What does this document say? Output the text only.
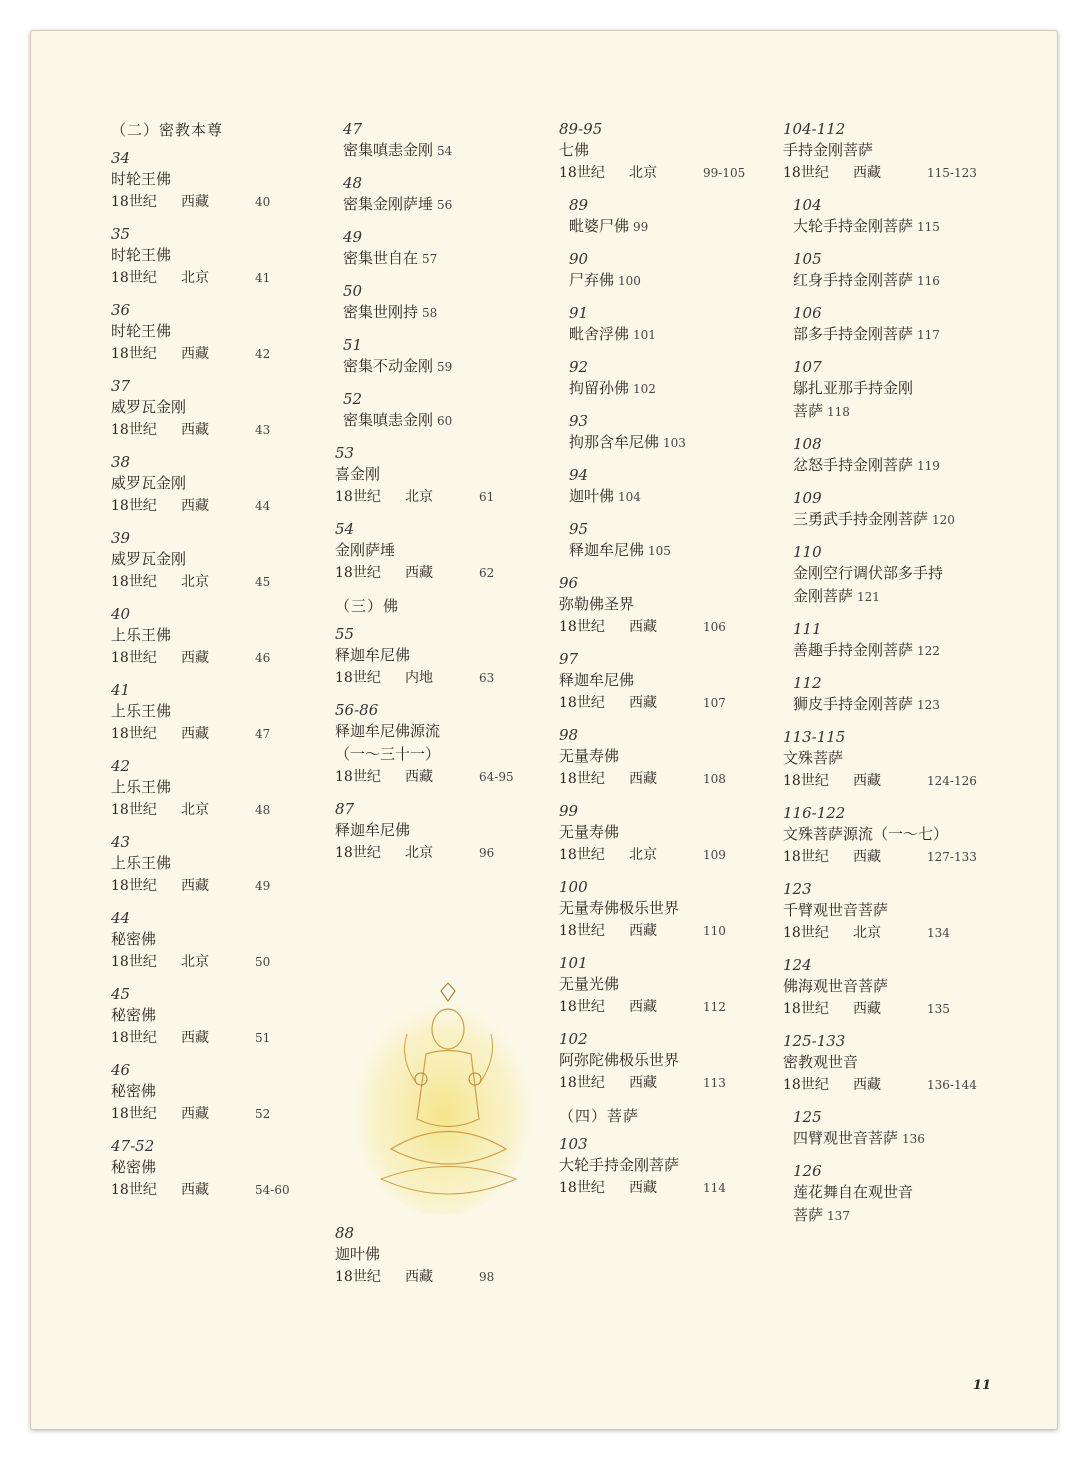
（二）密教本尊
34
时轮王佛
18世纪	西藏	40
35
时轮王佛
18世纪	北京	41
36
时轮王佛
18世纪	西藏	42
37
威罗瓦金刚
18世纪	西藏	43
38
威罗瓦金刚
18世纪	西藏	44
39
威罗瓦金刚
18世纪	北京	45
40
上乐王佛
18世纪	西藏	46
41
上乐王佛
18世纪	西藏	47
42
上乐王佛
18世纪	北京	48
43
上乐王佛
18世纪	西藏	49
44
秘密佛
18世纪	北京	50
45
秘密佛
18世纪	西藏	51
46
秘密佛
18世纪	西藏	52
47-52
秘密佛
18世纪	西藏	54-60
47
密集嗔恚金刚 54
48
密集金刚萨埵 56
49
密集世自在 57
50
密集世刚持 58
51
密集不动金刚 59
52
密集嗔恚金刚 60
53
喜金刚
18世纪	北京	61
54
金刚萨埵
18世纪	西藏	62
（三）佛
55
释迦牟尼佛
18世纪	内地	63
56-86
释迦牟尼佛源流
（一～三十一）
18世纪	西藏	64-95
87
释迦牟尼佛
18世纪	北京	96
88
迦叶佛
18世纪	西藏	98
89-95
七佛
18世纪	北京	99-105
89
毗婆尸佛 99
90
尸弃佛 100
91
毗舍浮佛 101
92
拘留孙佛 102
93
拘那含牟尼佛 103
94
迦叶佛 104
95
释迦牟尼佛 105
96
弥勒佛圣界
18世纪	西藏	106
97
释迦牟尼佛
18世纪	西藏	107
98
无量寿佛
18世纪	西藏	108
99
无量寿佛
18世纪	北京	109
100
无量寿佛极乐世界
18世纪	西藏	110
101
无量光佛
18世纪	西藏	112
102
阿弥陀佛极乐世界
18世纪	西藏	113
（四）菩萨
103
大轮手持金刚菩萨
18世纪	西藏	114
104-112
手持金刚菩萨
18世纪	西藏	115-123
104
大轮手持金刚菩萨 115
105
红身手持金刚菩萨 116
106
部多手持金刚菩萨 117
107
鄔扎亚那手持金刚
菩萨 118
108
忿怒手持金刚菩萨 119
109
三勇武手持金刚菩萨 120
110
金刚空行调伏部多手持
金刚菩萨 121
111
善趣手持金刚菩萨 122
112
狮皮手持金刚菩萨 123
113-115
文殊菩萨
18世纪	西藏	124-126
116-122
文殊菩萨源流（一～七）
18世纪	西藏	127-133
123
千臂观世音菩萨
18世纪	北京	134
124
佛海观世音菩萨
18世纪	西藏	135
125-133
密教观世音
18世纪	西藏	136-144
125
四臂观世音菩萨 136
126
莲花舞自在观世音
菩萨 137
11
